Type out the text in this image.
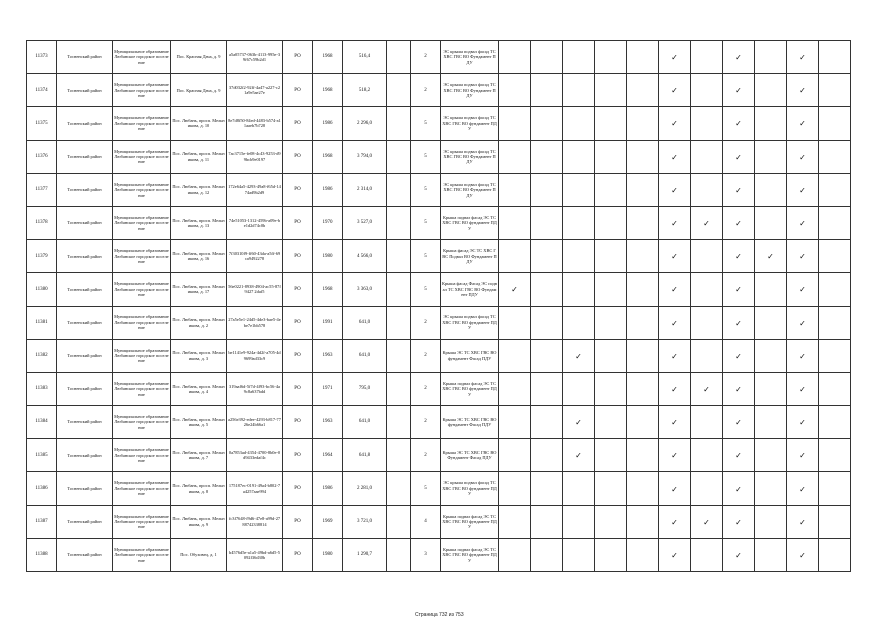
11373	Тосненский район	Муниципальное образование Любанское городское поселение	Пос. Красная Дача, д. 9	a5a05737-063b-4113-995e-39f67c59b2d1	РО	1968	516,4		2	ЭС крыша подвал фасад ТС ХВС ГВС ВО Фундамент ПДУ						✓		✓		✓	
11374	Тосненский район	Муниципальное образование Любанское городское поселение	Пос. Красная Дача, д. 9	37d032f2-92ff-4a47-a227-c21a9e5ae27e	РО	1968	518,2		2	ЭС крыша подвал фасад ТС ХВС ГВС ВО Фундамент ПДУ						✓		✓		✓	
11375	Тосненский район	Муниципальное образование Любанское городское поселение	Пос. Любань, просп. Мельникова, д. 10	8e7d8f50-84ed-4483-b574-a11aaeb7b728	РО	1986	2 296,0		5	ЭС крыша подвал фасад ТС ХВС ГВС ВО фундамент ПДУ						✓		✓		✓	
11376	Тосненский район	Муниципальное образование Любанское городское поселение	Пос. Любань, просп. Мельникова, д. 11	7ac3715e-fe08-4c43-9253-d99bcb9e0197	РО	1968	3 794,0		5	ЭС крыша подвал фасад ТС ХВС ГВС ВО Фундамент ПДУ						✓		✓		✓	
11377	Тосненский район	Муниципальное образование Любанское городское поселение	Пос. Любань, просп. Мельникова, д. 12	172e64a5-4293-49a8-f65d-1474ad9b2d9	РО	1986	2 314,0		5	ЭС крыша подвал фасад ТС ХВС ГВС ВО Фундамент ПДУ						✓		✓		✓	
11378	Тосненский район	Муниципальное образование Любанское городское поселение	Пос. Любань, просп. Мельникова, д. 13	74e51053-1312-459b-a09e-be1d2d74c0b	РО	1970	3 527,0		5	Крыша подвал фасад ЭС ТС ХВС ГВС ВО фундамент ПДУ						✓	✓	✓		✓	
11379	Тосненский район	Муниципальное образование Любанское городское поселение	Пос. Любань, просп. Мельникова, д. 16	7f30310f9-ff60-43da-a5ff-69ca9492278	РО	1980	4 566,0		5	Крыша фасад ЭС ТС ХВС ГВС Подвал ВО Фундамент ПДУ						✓		✓	✓	✓	
11380	Тосненский район	Муниципальное образование Любанское городское поселение	Пос. Любань, просп. Мельникова, д. 17	56e0221-8938-4904-ac55-87f9427 2daf5	РО	1968	3 363,0		5	Крыша фасад Фасад ЭС подвал ТС ХВС ГВС ВО Фундамент ПДУ	✓					✓		✓		✓	
11381	Тосненский район	Муниципальное образование Любанское городское поселение	Пос. Любань, просп. Мельникова, д. 2	27a5e5e1-24d5-4de3-bae5-4ebe7e1bb578	РО	1991	641,0		2	ЭС крыша подвал фасад ТС ХВС ГВС ВО фундамент ПДУ						✓		✓		✓	
11382	Тосненский район	Муниципальное образование Любанское городское поселение	Пос. Любань, просп. Мельникова, д. 3	be1141e9-924a-4d2f-a705-4d9699ad33c9	РО	1963	641,0		2	Крыша ЭС ТС ХВС ГВС ВО фундамент Фасад ПДУ			✓			✓		✓		✓	
11383	Тосненский район	Муниципальное образование Любанское городское поселение	Пос. Любань, просп. Мельникова, д. 4	319aaf6d-5f7d-4f93-bc56-4a9c8a637bdd	РО	1971	795,0		2	Крыша подвал фасад ЭС ТС ХВС ГВС ВО фундамент ПДУ						✓	✓	✓		✓	
11384	Тосненский район	Муниципальное образование Любанское городское поселение	Пос. Любань, просп. Мельникова, д. 5	a256e392-edee-4293-b817-7726e24b66a1	РО	1963	641,0		2	Крыша ЭС ТС ХВС ГВС ВО фундамент Фасад ПДУ			✓			✓		✓		✓	
11385	Тосненский район	Муниципальное образование Любанское городское поселение	Пос. Любань, просп. Мельникова, д. 7	0a7853ad-4354-4700-8b0e-0d9433edaf4c	РО	1964	641,8		2	Крыша ЭС ТС ХВС ГВС ВО Фундамент Фасад ПДУ			✓			✓		✓		✓	
11386	Тосненский район	Муниципальное образование Любанское городское поселение	Пос. Любань, просп. Мельникова, д. 8	175187ec-0191-49a4-b802-7a4257aae994	РО	1986	2 281,0		5	ЭС крыша подвал фасад ТС ХВС ГВС ВО фундамент ПДУ						✓		✓		✓	
11387	Тосненский район	Муниципальное образование Любанское городское поселение	Пос. Любань, просп. Мельникова, д. 9	fc3f7648-f9d6-47e8-a99d-2788742338814	РО	1969	3 721,0		4	Крыша подвал фасад ЭС ТС ХВС ГВС ВО фундамент ПДУ						✓	✓	✓		✓	
11388	Тосненский район	Муниципальное образование Любанское городское поселение	Пос. Обуховец, д. 1	b4576d5e-a1a5-49bd-a6d5-5092f36d30b	РО	1980	1 290,7		3	Крыша подвал фасад ЭС ТС ХВС ГВС ВО фундамент ПДУ						✓		✓		✓	
Страница 732 из 753
